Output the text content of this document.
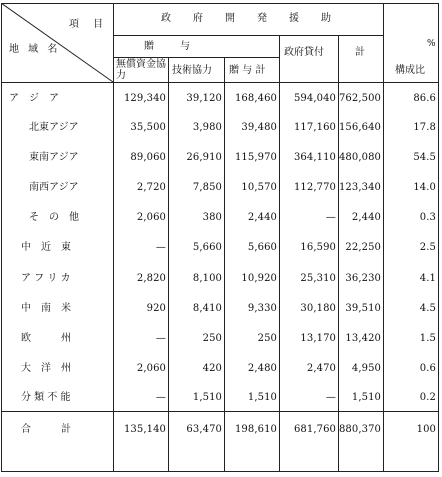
項　目
地 域 名
政府開発援助
贈　　与
政府貸付	計
無償資金協力	技術協力 贈 与 計
%
構成比
ア　ジ　ア	129,340	39,120	168,460	594,040 762,500	86.6
北東アジア	35,500	3,980	39,480	117,160 156,640	17.8
東南アジア	89,060	26,910	115,970	364,110 480,080	54.5
南西アジア	2,720	7,850	10,570	112,770 123,340	14.0
そ　の　他	2,060	380	2,440	—	2,440	0.3
中　近　東	—	5,660	5,660	16,590 22,250	2.5
ア フ リ カ	2,820	8,100	10,920	25,310 36,230	4.1
中　南　米	920	8,410	9,330	30,180 39,510	4.5
欧　　　州	—	250	250	13,170 13,420	1.5
大　洋　州	2,060	420	2,480	2,470	4,950	0.6
分 類 不 能	—	1,510	1,510	—	1,510	0.2
合　　　計	135,140	63,470	198,610	681,760 880,370	100
